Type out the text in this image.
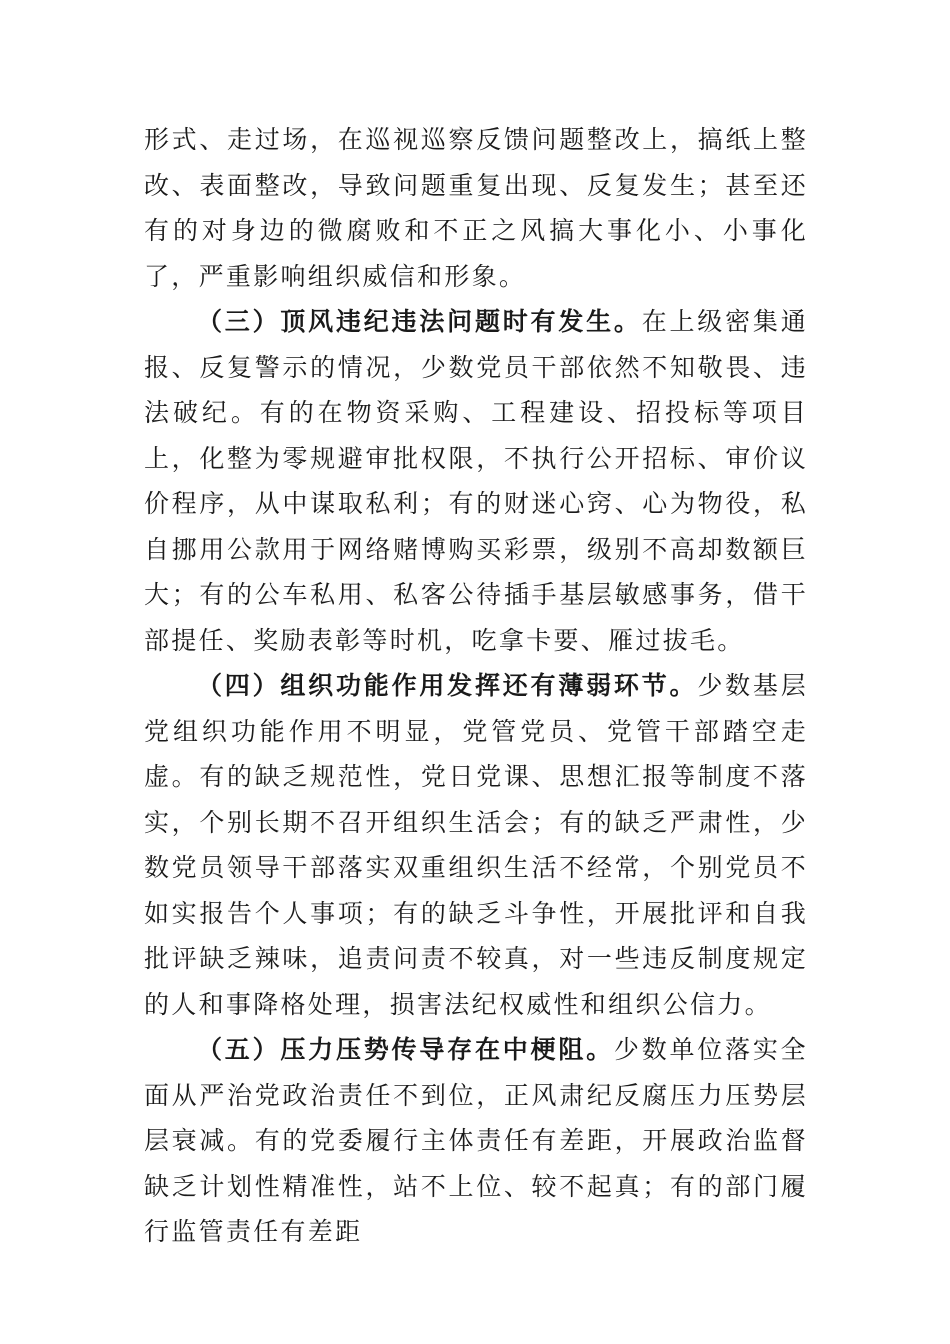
形式、走过场，在巡视巡察反馈问题整改上，搞纸上整改、表面整改，导致问题重复出现、反复发生；甚至还有的对身边的微腐败和不正之风搞大事化小、小事化了，严重影响组织威信和形象。

（三）顶风违纪违法问题时有发生。在上级密集通报、反复警示的情况，少数党员干部依然不知敬畏、违法破纪。有的在物资采购、工程建设、招投标等项目上，化整为零规避审批权限，不执行公开招标、审价议价程序，从中谋取私利；有的财迷心窍、心为物役，私自挪用公款用于网络赌博购买彩票，级别不高却数额巨大；有的公车私用、私客公待插手基层敏感事务，借干部提任、奖励表彰等时机，吃拿卡要、雁过拔毛。

（四）组织功能作用发挥还有薄弱环节。少数基层党组织功能作用不明显，党管党员、党管干部踏空走虚。有的缺乏规范性，党日党课、思想汇报等制度不落实，个别长期不召开组织生活会；有的缺乏严肃性，少数党员领导干部落实双重组织生活不经常，个别党员不如实报告个人事项；有的缺乏斗争性，开展批评和自我批评缺乏辣味，追责问责不较真，对一些违反制度规定的人和事降格处理，损害法纪权威性和组织公信力。

（五）压力压势传导存在中梗阻。少数单位落实全面从严治党政治责任不到位，正风肃纪反腐压力压势层层衰减。有的党委履行主体责任有差距，开展政治监督缺乏计划性精准性，站不上位、较不起真；有的部门履行监管责任有差距
